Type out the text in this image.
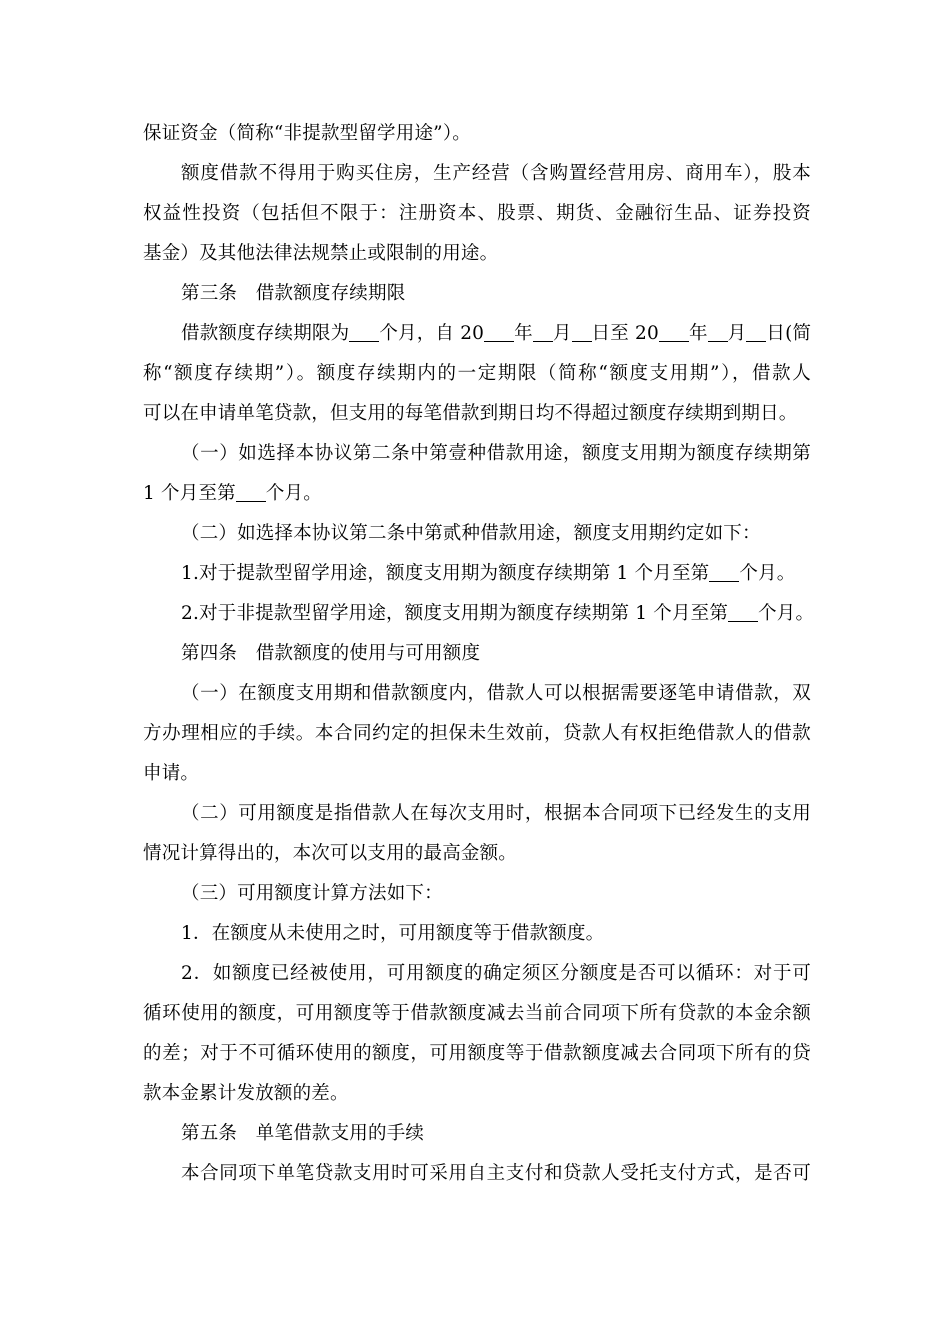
保证资金（简称“非提款型留学用途”）。
额度借款不得用于购买住房，生产经营（含购置经营用房、商用车），股本
权益性投资（包括但不限于：注册资本、股票、期货、金融衍生品、证券投资
基金）及其他法律法规禁止或限制的用途。
第三条　借款额度存续期限
借款额度存续期限为 个月，自 20 年 月 日至 20 年 月 日(简
称“额度存续期”）。额度存续期内的一定期限（简称“额度支用期”），借款人
可以在申请单笔贷款，但支用的每笔借款到期日均不得超过额度存续期到期日。
（一）如选择本协议第二条中第壹种借款用途，额度支用期为额度存续期第
1 个月至第 个月。
（二）如选择本协议第二条中第贰种借款用途，额度支用期约定如下：
1.对于提款型留学用途，额度支用期为额度存续期第 1 个月至第 个月。
2.对于非提款型留学用途，额度支用期为额度存续期第 1 个月至第 个月。
第四条　借款额度的使用与可用额度
（一）在额度支用期和借款额度内，借款人可以根据需要逐笔申请借款，双
方办理相应的手续。本合同约定的担保未生效前，贷款人有权拒绝借款人的借款
申请。
（二）可用额度是指借款人在每次支用时，根据本合同项下已经发生的支用
情况计算得出的，本次可以支用的最高金额。
（三）可用额度计算方法如下：
1．在额度从未使用之时，可用额度等于借款额度。
2．如额度已经被使用，可用额度的确定须区分额度是否可以循环：对于可
循环使用的额度，可用额度等于借款额度减去当前合同项下所有贷款的本金余额
的差；对于不可循环使用的额度，可用额度等于借款额度减去合同项下所有的贷
款本金累计发放额的差。
第五条　单笔借款支用的手续
本合同项下单笔贷款支用时可采用自主支付和贷款人受托支付方式，是否可
